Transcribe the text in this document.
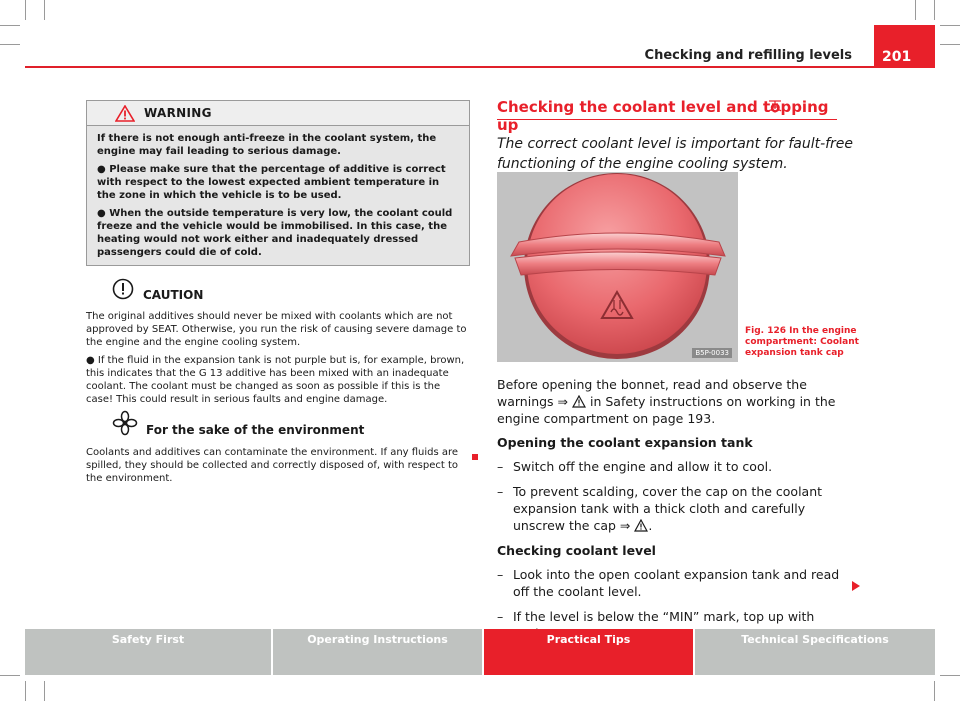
Checking and refilling levels	201
WARNING

If there is not enough anti-freeze in the coolant system, the engine may fail leading to serious damage.

● Please make sure that the percentage of additive is correct with respect to the lowest expected ambient temperature in the zone in which the vehicle is to be used.

● When the outside temperature is very low, the coolant could freeze and the vehicle would be immobilised. In this case, the heating would not work either and inadequately dressed passengers could die of cold.

CAUTION

The original additives should never be mixed with coolants which are not approved by SEAT. Otherwise, you run the risk of causing severe damage to the engine and the engine cooling system.

● If the fluid in the expansion tank is not purple but is, for example, brown, this indicates that the G 13 additive has been mixed with an inadequate coolant. The coolant must be changed as soon as possible if this is the case! This could result in serious faults and engine damage.

For the sake of the environment

Coolants and additives can contaminate the environment. If any fluids are spilled, they should be collected and correctly disposed of, with respect to the environment.

Checking the coolant level and topping up
The correct coolant level is important for fault-free functioning of the engine cooling system.
B5P-0033
Fig. 126 In the engine compartment: Coolant expansion tank cap

Before opening the bonnet, read and observe the warnings ⇒ in Safety instructions on working in the engine compartment on page 193.

Opening the coolant expansion tank

– Switch off the engine and allow it to cool.
– To prevent scalding, cover the cap on the coolant expansion tank with a thick cloth and carefully unscrew the cap ⇒ .

Checking coolant level

– Look into the open coolant expansion tank and read off the coolant level.
– If the level is below the “MIN” mark, top up with
Safety First	Operating Instructions	Practical Tips	Technical Specifications
